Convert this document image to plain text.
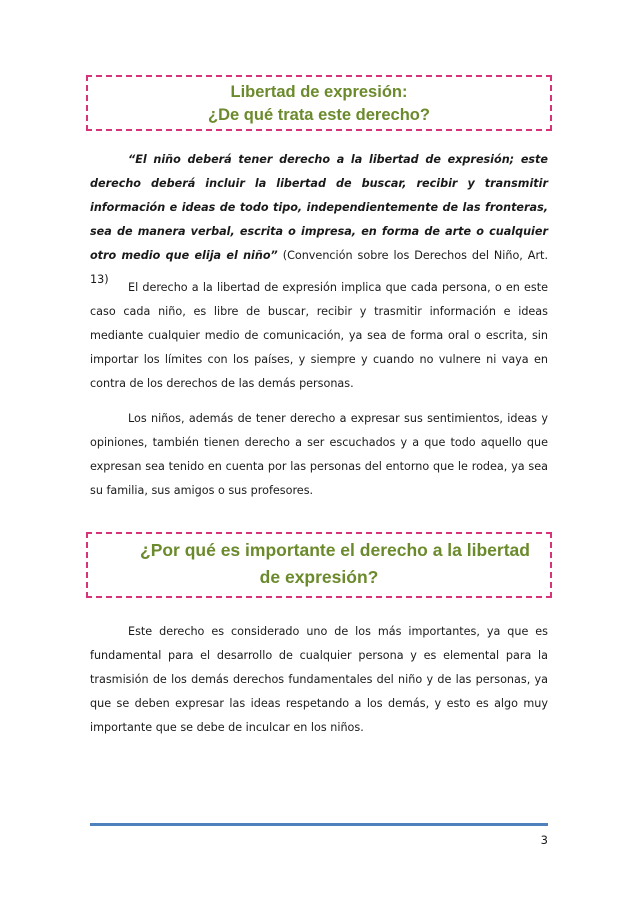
Libertad de expresión:
¿De qué trata este derecho?

“El niño deberá tener derecho a la libertad de expresión; este derecho deberá incluir la libertad de buscar, recibir y transmitir información e ideas de todo tipo, independientemente de las fronteras, sea de manera verbal, escrita o impresa, en forma de arte o cualquier otro medio que elija el niño” (Convención sobre los Derechos del Niño, Art. 13)

El derecho a la libertad de expresión implica que cada persona, o en este caso cada niño, es libre de buscar, recibir y trasmitir información e ideas mediante cualquier medio de comunicación, ya sea de forma oral o escrita, sin importar los límites con los países, y siempre y cuando no vulnere ni vaya en contra de los derechos de las demás personas.

Los niños, además de tener derecho a expresar sus sentimientos, ideas y opiniones, también tienen derecho a ser escuchados y a que todo aquello que expresan sea tenido en cuenta por las personas del entorno que le rodea, ya sea su familia, sus amigos o sus profesores.

¿Por qué es importante el derecho a la libertad
de expresión?

Este derecho es considerado uno de los más importantes, ya que es fundamental para el desarrollo de cualquier persona y es elemental para la trasmisión de los demás derechos fundamentales del niño y de las personas, ya que se deben expresar las ideas respetando a los demás, y esto es algo muy importante que se debe de inculcar en los niños.

3
